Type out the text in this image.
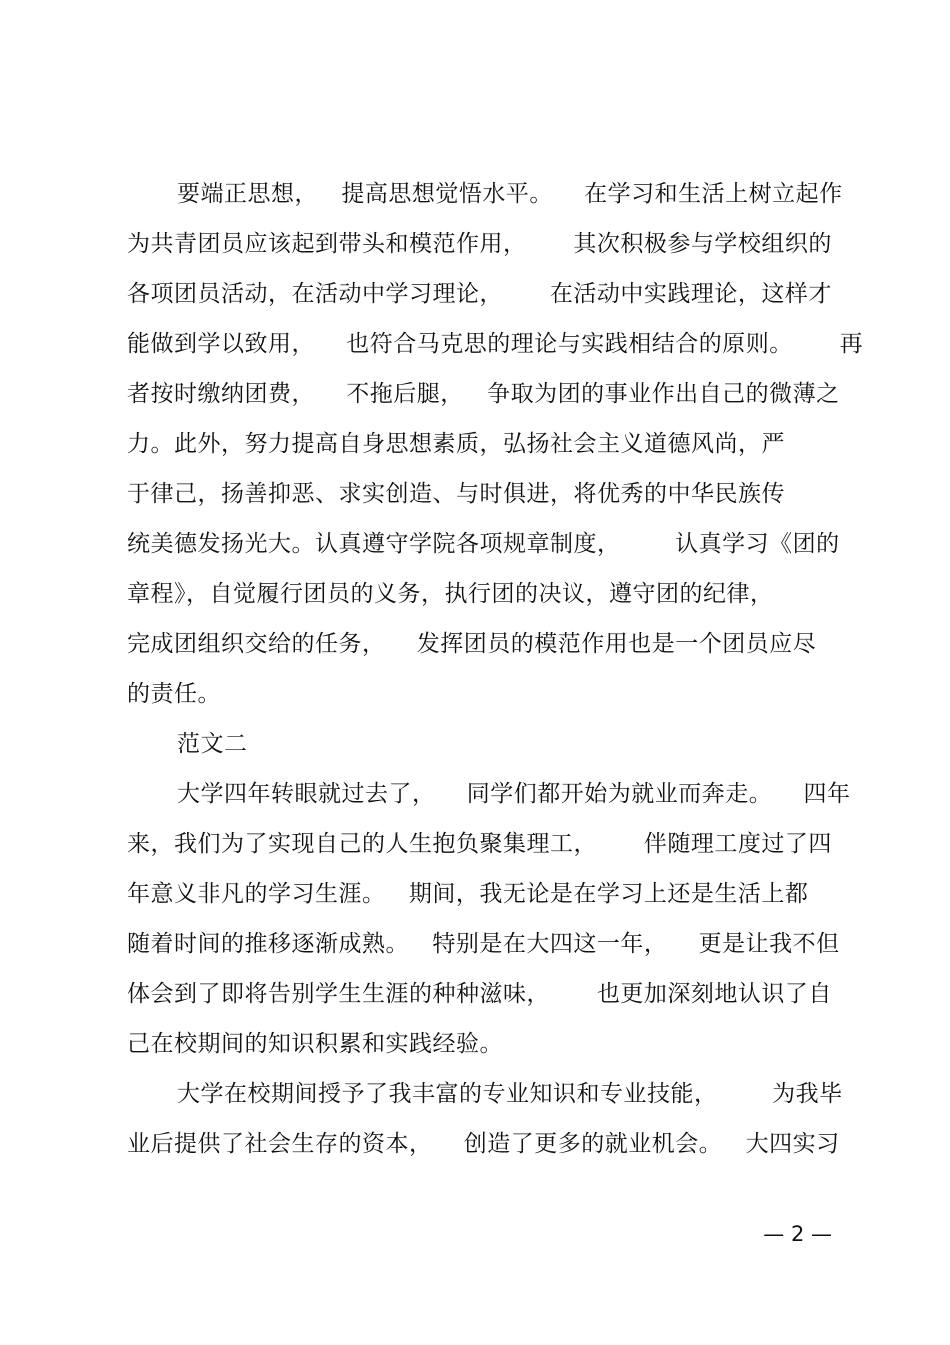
要端正思想，   提高思想觉悟水平。    在学习和生活上树立起作
为共青团员应该起到带头和模范作用，      其次积极参与学校组织的
各项团员活动，在活动中学习理论，      在活动中实践理论，这样才
能做到学以致用，    也符合马克思的理论与实践相结合的原则。      再
者按时缴纳团费，    不拖后腿，   争取为团的事业作出自己的微薄之
力。此外，努力提高自身思想素质，弘扬社会主义道德风尚，严
于律己，扬善抑恶、求实创造、与时俱进，将优秀的中华民族传
统美德发扬光大。认真遵守学院各项规章制度，       认真学习《团的
章程》，自觉履行团员的义务，执行团的决议，遵守团的纪律，
完成团组织交给的任务，    发挥团员的模范作用也是一个团员应尽
的责任。
范文二
大学四年转眼就过去了，    同学们都开始为就业而奔走。    四年
来，我们为了实现自己的人生抱负聚集理工，      伴随理工度过了四
年意义非凡的学习生涯。   期间，我无论是在学习上还是生活上都
随着时间的推移逐渐成熟。   特别是在大四这一年，    更是让我不但
体会到了即将告别学生生涯的种种滋味，      也更加深刻地认识了自
己在校期间的知识积累和实践经验。
大学在校期间授予了我丰富的专业知识和专业技能，       为我毕
业后提供了社会生存的资本，    创造了更多的就业机会。   大四实习
— 2 —
